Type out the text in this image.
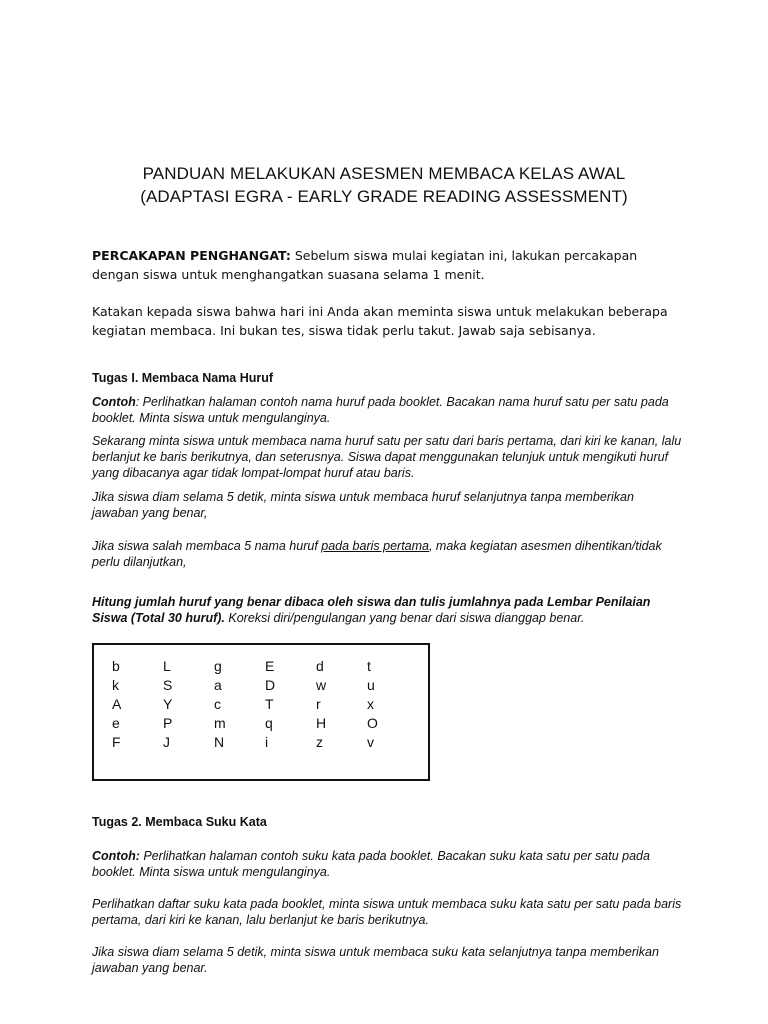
PANDUAN MELAKUKAN ASESMEN MEMBACA KELAS AWAL
(ADAPTASI EGRA - EARLY GRADE READING ASSESSMENT)
PERCAKAPAN PENGHANGAT: Sebelum siswa mulai kegiatan ini, lakukan percakapan dengan siswa untuk menghangatkan suasana selama 1 menit.
Katakan kepada siswa bahwa hari ini Anda akan meminta siswa untuk melakukan beberapa kegiatan membaca. Ini bukan tes, siswa tidak perlu takut. Jawab saja sebisanya.
Tugas I. Membaca Nama Huruf
Contoh: Perlihatkan halaman contoh nama huruf pada booklet. Bacakan nama huruf satu per satu pada booklet. Minta siswa untuk mengulanginya.
Sekarang minta siswa untuk membaca nama huruf satu per satu dari baris pertama, dari kiri ke kanan, lalu berlanjut ke baris berikutnya, dan seterusnya. Siswa dapat menggunakan telunjuk untuk mengikuti huruf yang dibacanya agar tidak lompat-lompat huruf atau baris.
Jika siswa diam selama 5 detik, minta siswa untuk membaca huruf selanjutnya tanpa memberikan jawaban yang benar,
Jika siswa salah membaca 5 nama huruf pada baris pertama, maka kegiatan asesmen dihentikan/tidak perlu dilanjutkan,
Hitung jumlah huruf yang benar dibaca oleh siswa dan tulis jumlahnya pada Lembar Penilaian Siswa (Total 30 huruf). Koreksi diri/pengulangan yang benar dari siswa dianggap benar.
b	L	g	E	d	t
k	S	a	D	w	u
A	Y	c	T	r	x
e	P	m	q	H	O
F	J	N	i	z	v
Tugas 2. Membaca Suku Kata
Contoh: Perlihatkan halaman contoh suku kata pada booklet. Bacakan suku kata satu per satu pada booklet. Minta siswa untuk mengulanginya.
Perlihatkan daftar suku kata pada booklet, minta siswa untuk membaca suku kata satu per satu pada baris pertama, dari kiri ke kanan, lalu berlanjut ke baris berikutnya.
Jika siswa diam selama 5 detik, minta siswa untuk membaca suku kata selanjutnya tanpa memberikan jawaban yang benar.
